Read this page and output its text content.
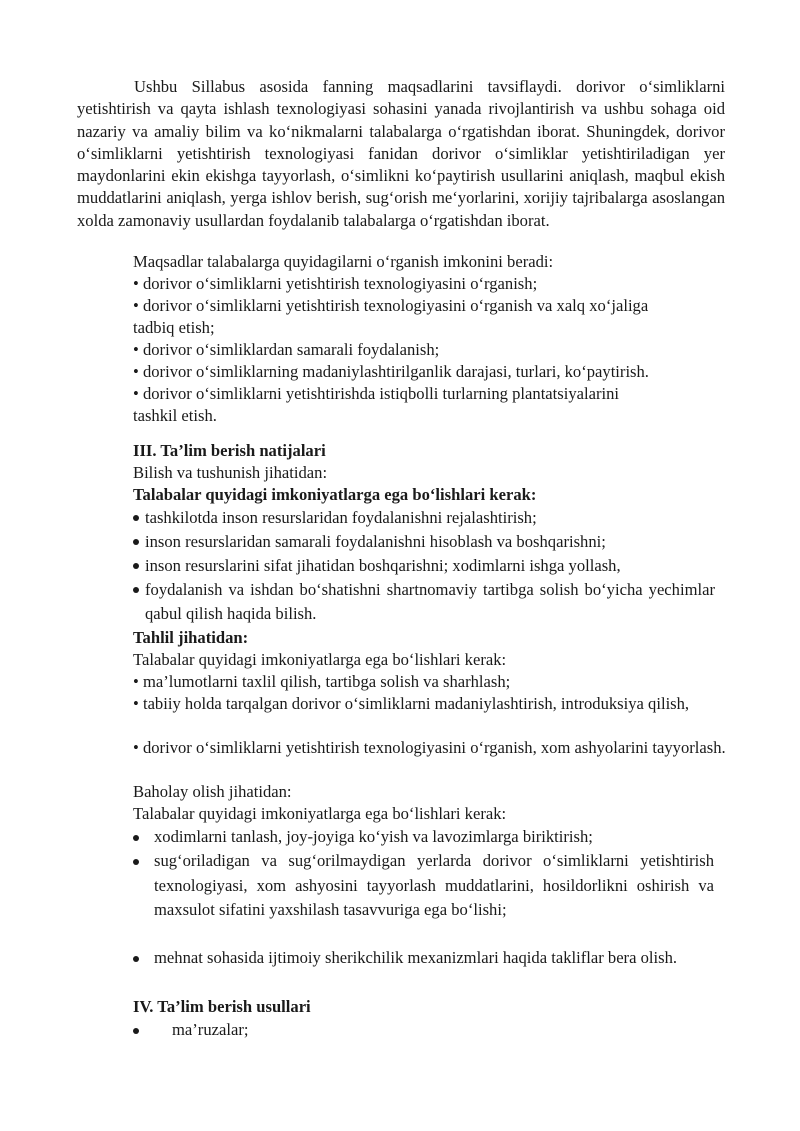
Ushbu Sillabus asosida fanning maqsadlarini tavsiflaydi. dorivor o‘simliklarni yetishtirish va qayta ishlash texnologiyasi sohasini yanada rivojlantirish va ushbu sohaga oid nazariy va amaliy bilim va ko‘nikmalarni talabalarga o‘rgatishdan iborat. Shuningdek, dorivor o‘simliklarni yetishtirish texnologiyasi fanidan dorivor o‘simliklar yetishtiriladigan yer maydonlarini ekin ekishga tayyorlash, o‘simlikni ko‘paytirish usullarini aniqlash, maqbul ekish muddatlarini aniqlash, yerga ishlov berish, sug‘orish me‘yorlarini, xorijiy tajribalarga asoslangan xolda zamonaviy usullardan foydalanib talabalarga o‘rgatishdan iborat.

Maqsadlar talabalarga quyidagilarni o‘rganish imkonini beradi:

• dorivor o‘simliklarni yetishtirish texnologiyasini o‘rganish;

• dorivor o‘simliklarni yetishtirish texnologiyasini o‘rganish va xalq xo‘jaliga

tadbiq etish;

• dorivor o‘simliklardan samarali foydalanish;

• dorivor o‘simliklarning madaniylashtirilganlik darajasi, turlari, ko‘paytirish.

• dorivor o‘simliklarni yetishtirishda istiqbolli turlarning plantatsiyalarini

tashkil etish.

III. Ta’lim berish natijalari

Bilish va tushunish jihatidan:

Talabalar quyidagi imkoniyatlarga ega bo‘lishlari kerak:

tashkilotda inson resurslaridan foydalanishni rejalashtirish;
inson resurslaridan samarali foydalanishni hisoblash va boshqarishni;
inson resurslarini sifat jihatidan boshqarishni; xodimlarni ishga yollash,
foydalanish va ishdan bo‘shatishni shartnomaviy tartibga solish bo‘yicha yechimlar qabul qilish haqida bilish.

Tahlil jihatidan:

Talabalar quyidagi imkoniyatlarga ega bo‘lishlari kerak:

• ma’lumotlarni taxlil qilish, tartibga solish va sharhlash;

• tabiiy holda tarqalgan dorivor o‘simliklarni madaniylashtirish, introduksiya qilish,

• dorivor o‘simliklarni yetishtirish texnologiyasini o‘rganish, xom ashyolarini tayyorlash.

Baholay olish jihatidan:

Talabalar quyidagi imkoniyatlarga ega bo‘lishlari kerak:

xodimlarni tanlash, joy-joyiga ko‘yish va lavozimlarga biriktirish;
sug‘oriladigan va sug‘orilmaydigan yerlarda dorivor o‘simliklarni yetishtirish texnologiyasi, xom ashyosini tayyorlash muddatlarini, hosildorlikni oshirish va maxsulot sifatini yaxshilash tasavvuriga ega bo‘lishi;
mehnat sohasida ijtimoiy sherikchilik mexanizmlari haqida takliflar bera olish.

IV. Ta’lim berish usullari

ma’ruzalar;
